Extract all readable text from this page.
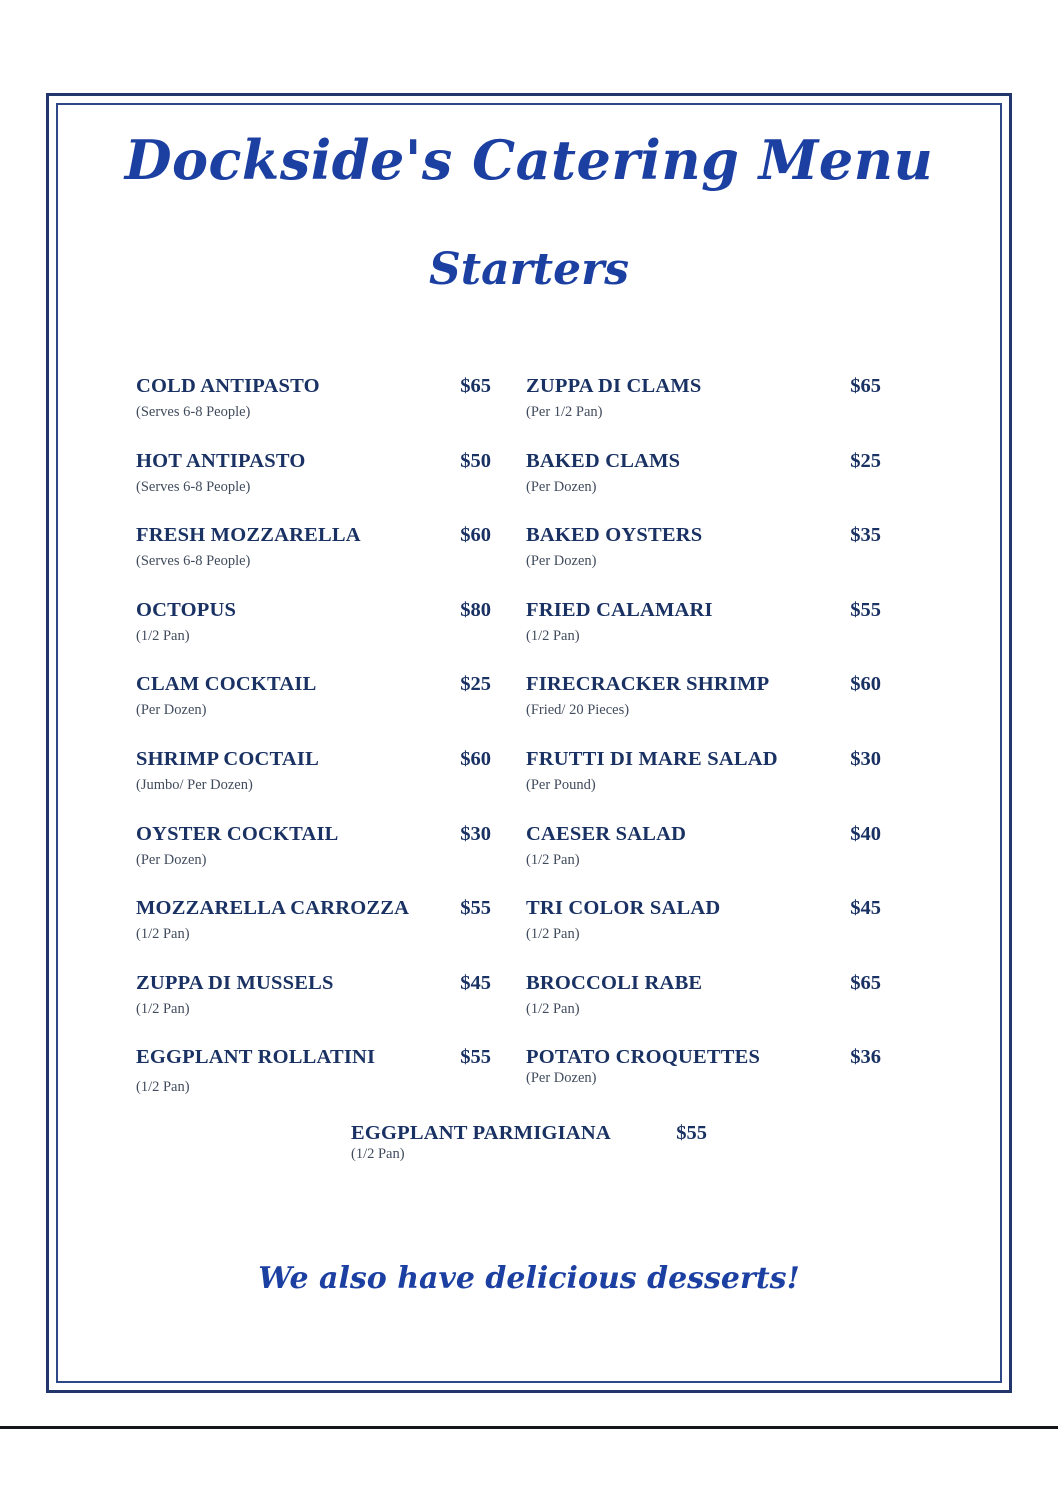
Dockside's Catering Menu
Starters
COLD ANTIPASTO	$65
(Serves 6-8 People)
HOT ANTIPASTO	$50
(Serves 6-8 People)
FRESH MOZZARELLA	$60
(Serves 6-8 People)
OCTOPUS	$80
(1/2 Pan)
CLAM COCKTAIL	$25
(Per Dozen)
SHRIMP COCTAIL	$60
(Jumbo/ Per Dozen)
OYSTER COCKTAIL	$30
(Per Dozen)
MOZZARELLA CARROZZA	$55
(1/2 Pan)
ZUPPA DI MUSSELS	$45
(1/2 Pan)
EGGPLANT ROLLATINI	$55
(1/2 Pan)
ZUPPA DI CLAMS	$65
(Per 1/2 Pan)
BAKED CLAMS	$25
(Per Dozen)
BAKED OYSTERS	$35
(Per Dozen)
FRIED CALAMARI	$55
(1/2 Pan)
FIRECRACKER SHRIMP	$60
(Fried/ 20 Pieces)
FRUTTI DI MARE SALAD	$30
(Per Pound)
CAESER SALAD	$40
(1/2 Pan)
TRI COLOR SALAD	$45
(1/2 Pan)
BROCCOLI RABE	$65
(1/2 Pan)
POTATO CROQUETTES	$36
(Per Dozen)
EGGPLANT PARMIGIANA	$55
(1/2 Pan)
We also have delicious desserts!
